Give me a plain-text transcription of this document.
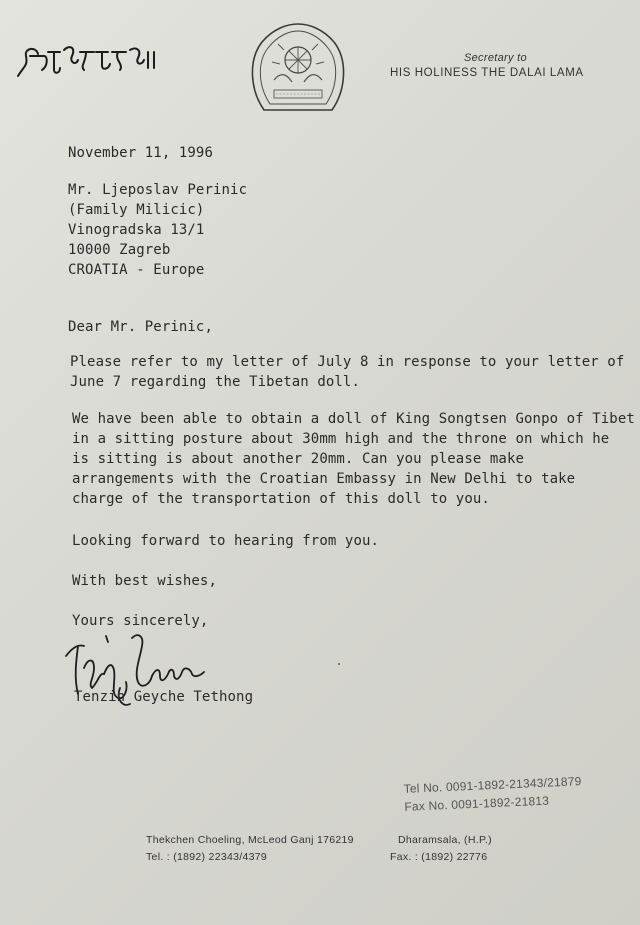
Secretary to
HIS HOLINESS THE DALAI LAMA
November 11, 1996
Mr. Ljeposlav Perinic
(Family Milicic)
Vinogradska 13/1
10000 Zagreb
CROATIA - Europe
Dear Mr. Perinic,
Please refer to my letter of July 8 in response to your letter of
June 7 regarding the Tibetan doll.
We have been able to obtain a doll of King Songtsen Gonpo of Tibet
in a sitting posture about 30mm high and the throne on which he
is sitting is about another 20mm. Can you please make
arrangements with the Croatian Embassy in New Delhi to take
charge of the transportation of this doll to you.
Looking forward to hearing from you.
With best wishes,
Yours sincerely,
Tenzin Geyche Tethong
Tel No. 0091-1892-21343/21879
Fax No. 0091-1892-21813
Thekchen Choeling, McLeod Ganj 176219	Dharamsala, (H.P.)
Tel. : (1892) 22343/4379	Fax. : (1892) 22776
